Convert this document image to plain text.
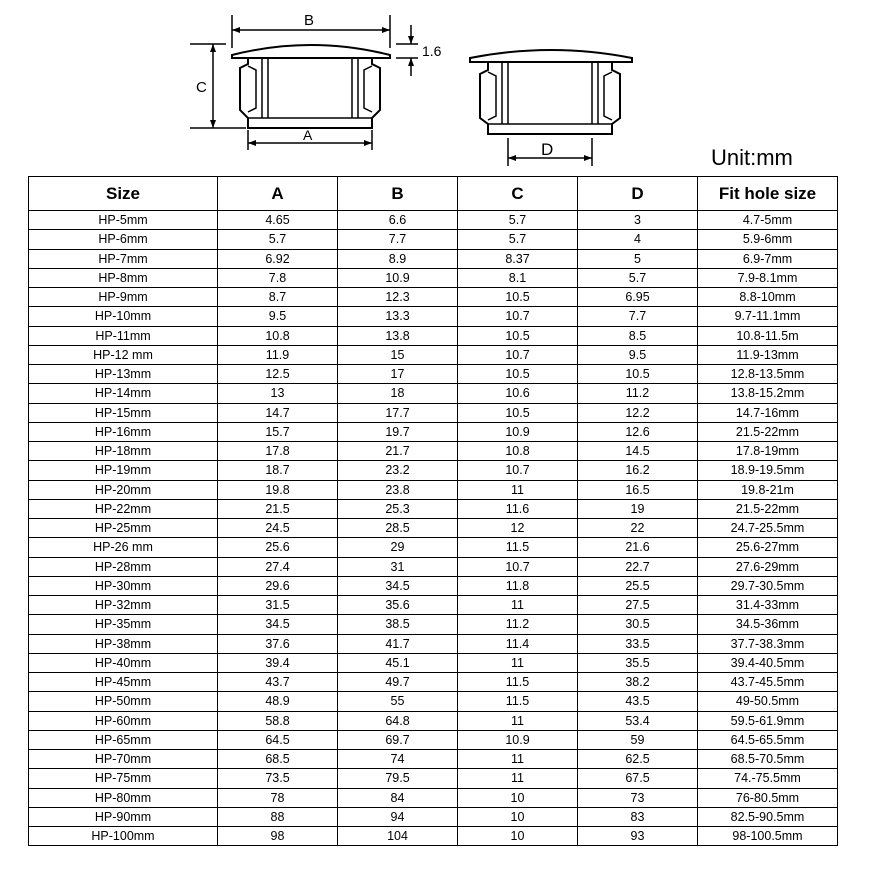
B
1.6
C
A
D	Unit:mm
Size	A	B	C	D	Fit hole size
HP-5mm	4.65	6.6	5.7	3	4.7-5mm
HP-6mm	5.7	7.7	5.7	4	5.9-6mm
HP-7mm	6.92	8.9	8.37	5	6.9-7mm
HP-8mm	7.8	10.9	8.1	5.7	7.9-8.1mm
HP-9mm	8.7	12.3	10.5	6.95	8.8-10mm
HP-10mm	9.5	13.3	10.7	7.7	9.7-11.1mm
HP-11mm	10.8	13.8	10.5	8.5	10.8-11.5m
HP-12 mm	11.9	15	10.7	9.5	11.9-13mm
HP-13mm	12.5	17	10.5	10.5	12.8-13.5mm
HP-14mm	13	18	10.6	11.2	13.8-15.2mm
HP-15mm	14.7	17.7	10.5	12.2	14.7-16mm
HP-16mm	15.7	19.7	10.9	12.6	21.5-22mm
HP-18mm	17.8	21.7	10.8	14.5	17.8-19mm
HP-19mm	18.7	23.2	10.7	16.2	18.9-19.5mm
HP-20mm	19.8	23.8	11	16.5	19.8-21m
HP-22mm	21.5	25.3	11.6	19	21.5-22mm
HP-25mm	24.5	28.5	12	22	24.7-25.5mm
HP-26 mm	25.6	29	11.5	21.6	25.6-27mm
HP-28mm	27.4	31	10.7	22.7	27.6-29mm
HP-30mm	29.6	34.5	11.8	25.5	29.7-30.5mm
HP-32mm	31.5	35.6	11	27.5	31.4-33mm
HP-35mm	34.5	38.5	11.2	30.5	34.5-36mm
HP-38mm	37.6	41.7	11.4	33.5	37.7-38.3mm
HP-40mm	39.4	45.1	11	35.5	39.4-40.5mm
HP-45mm	43.7	49.7	11.5	38.2	43.7-45.5mm
HP-50mm	48.9	55	11.5	43.5	49-50.5mm
HP-60mm	58.8	64.8	11	53.4	59.5-61.9mm
HP-65mm	64.5	69.7	10.9	59	64.5-65.5mm
HP-70mm	68.5	74	11	62.5	68.5-70.5mm
HP-75mm	73.5	79.5	11	67.5	74.-75.5mm
HP-80mm	78	84	10	73	76-80.5mm
HP-90mm	88	94	10	83	82.5-90.5mm
HP-100mm	98	104	10	93	98-100.5mm
